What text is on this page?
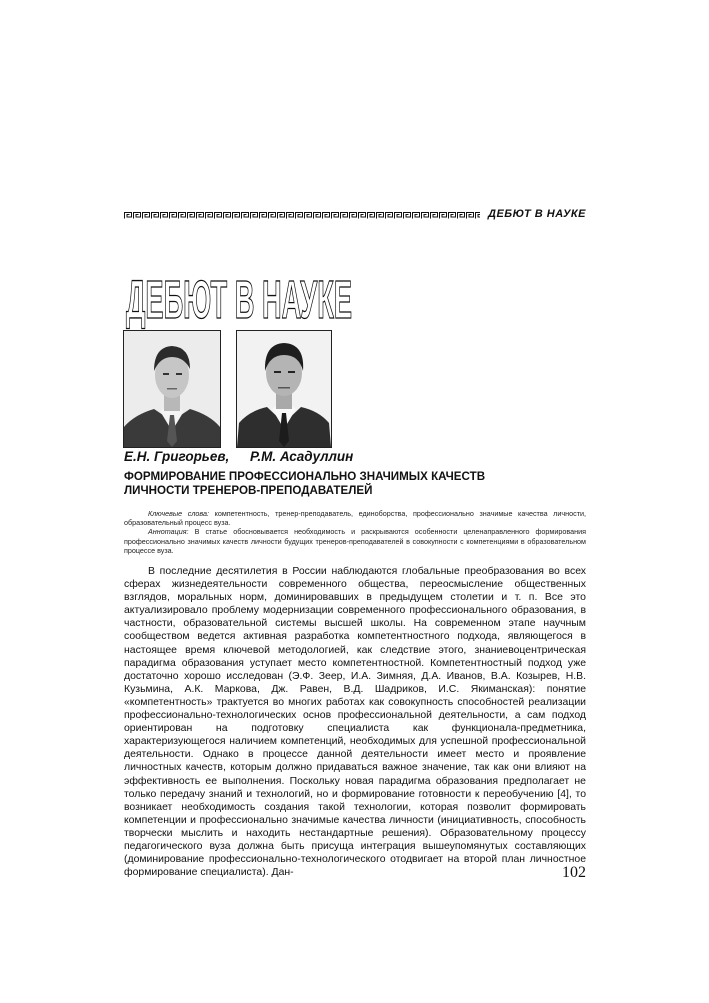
ДЕБЮТ В НАУКЕ
ДЕБЮТ В НАУКЕ
Е.Н. Григорьев, Р.М. Асадуллин
ФОРМИРОВАНИЕ ПРОФЕССИОНАЛЬНО ЗНАЧИМЫХ КАЧЕСТВ
ЛИЧНОСТИ ТРЕНЕРОВ-ПРЕПОДАВАТЕЛЕЙ

Ключевые слова: компетентность, тренер-преподаватель, единоборства, профессионально значимые качества личности, образовательный процесс вуза.

Аннотация: В статье обосновывается необходимость и раскрываются особенности целенаправленного формирования профессионально значимых качеств личности будущих тренеров-преподавателей в совокупности с компетенциями в образовательном процессе вуза.

В последние десятилетия в России наблюдаются глобальные преобразования во всех сферах жизнедеятельности современного общества, переосмысление общественных взглядов, моральных норм, доминировавших в предыдущем столетии и т. п. Все это актуализировало проблему модернизации современного профессионального образования, в частности, образовательной системы высшей школы. На современном этапе научным сообществом ведется активная разработка компетентностного подхода, являющегося в настоящее время ключевой методологией, как следствие этого, знаниевоцентрическая парадигма образования уступает место компетентностной. Компетентностный подход уже достаточно хорошо исследован (Э.Ф. Зеер, И.А. Зимняя, Д.А. Иванов, В.А. Козырев, Н.В. Кузьмина, А.К. Маркова, Дж. Равен, В.Д. Шадриков, И.С. Якиманская): понятие «компетентность» трактуется во многих работах как совокупность способностей реализации профессионально-технологических основ профессиональной деятельности, а сам подход ориентирован на подготовку специалиста как функционала-предметника, характеризующегося наличием компетенций, необходимых для успешной профессиональной деятельности. Однако в процессе данной деятельности имеет место и проявление личностных качеств, которым должно придаваться важное значение, так как они влияют на эффективность ее выполнения. Поскольку новая парадигма образования предполагает не только передачу знаний и технологий, но и формирование готовности к переобучению [4], то возникает необходимость создания такой технологии, которая позволит формировать компетенции и профессионально значимые качества личности (инициативность, способность творчески мыслить и находить нестандартные решения). Образовательному процессу педагогического вуза должна быть присуща интеграция вышеупомянутых составляющих (доминирование профессионально-технологического отодвигает на второй план личностное формирование специалиста). Дан-	102
